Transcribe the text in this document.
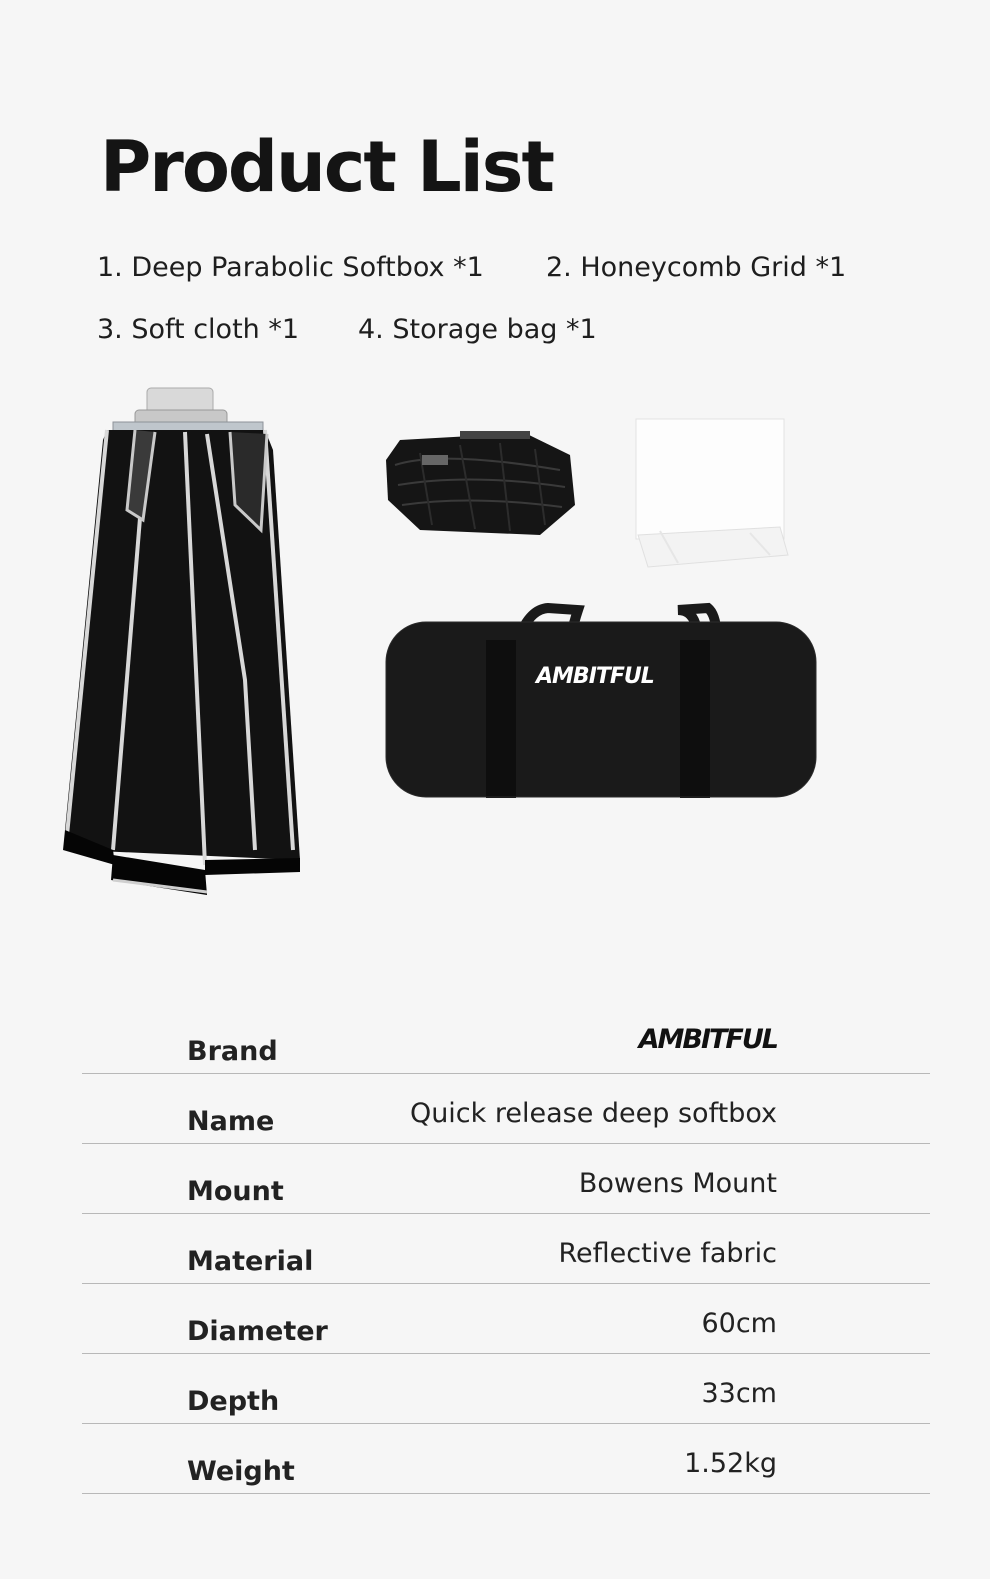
Product List
1. Deep Parabolic Softbox *1 2. Honeycomb Grid *1
3. Soft cloth *1 4. Storage bag *1
AMBITFUL
Brand	AMBITFUL
Name	Quick release deep softbox
Mount	Bowens Mount
Material	Reflective fabric
Diameter	60cm
Depth	33cm
Weight	1.52kg
